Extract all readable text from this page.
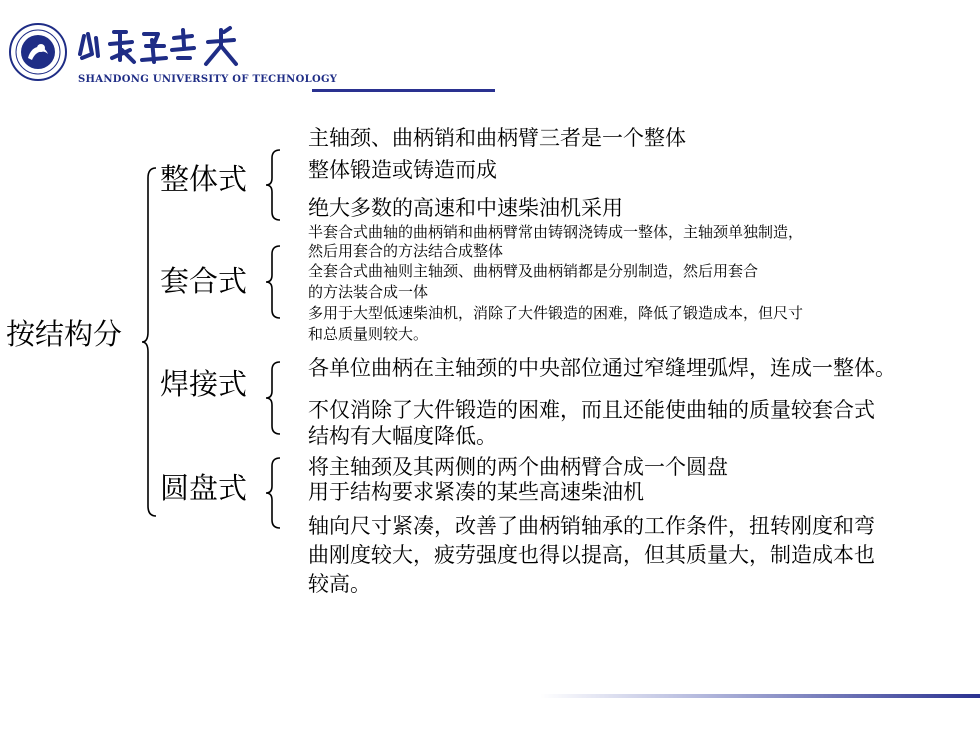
SHANDONG UNIVERSITY OF TECHNOLOGY
按结构分
整体式
套合式
焊接式
圆盘式
主轴颈、曲柄销和曲柄臂三者是一个整体
整体锻造或铸造而成
绝大多数的高速和中速柴油机采用
半套合式曲轴的曲柄销和曲柄臂常由铸钢浇铸成一整体，主轴颈单独制造，
然后用套合的方法结合成整体
全套合式曲袖则主轴颈、曲柄臂及曲柄销都是分别制造，然后用套合
的方法装合成一体
多用于大型低速柴油机，消除了大件锻造的困难，降低了锻造成本，但尺寸
和总质量则较大。
各单位曲柄在主轴颈的中央部位通过窄缝埋弧焊，连成一整体。
不仅消除了大件锻造的困难，而且还能使曲轴的质量较套合式
结构有大幅度降低。
将主轴颈及其两侧的两个曲柄臂合成一个圆盘
用于结构要求紧凑的某些高速柴油机
轴向尺寸紧凑，改善了曲柄销轴承的工作条件，扭转刚度和弯
曲刚度较大，疲劳强度也得以提高，但其质量大，制造成本也
较高。
